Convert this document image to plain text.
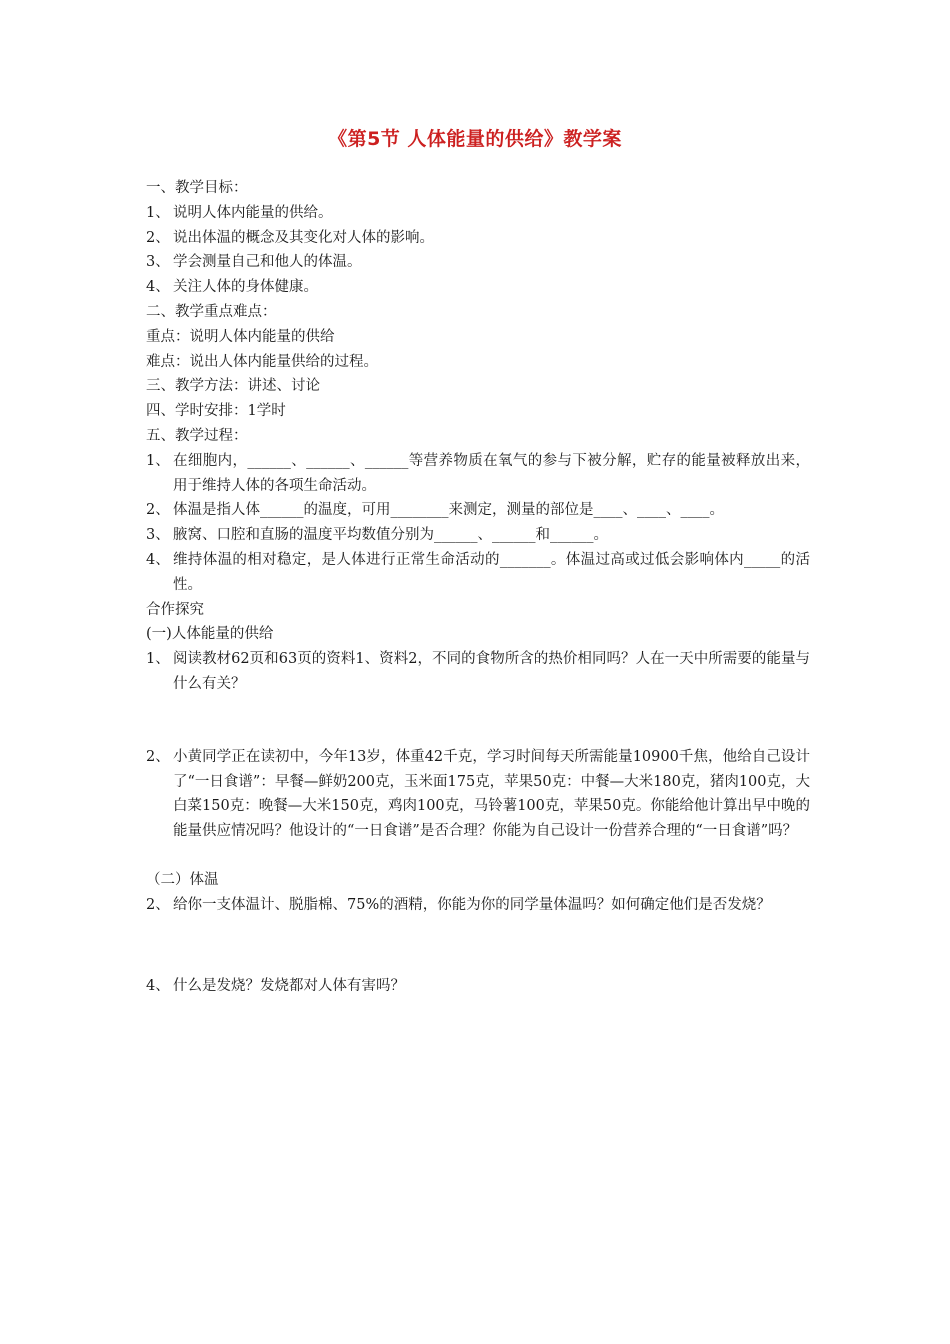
《第5节 人体能量的供给》教学案
一、教学目标：
1、 说明人体内能量的供给。
2、 说出体温的概念及其变化对人体的影响。
3、 学会测量自己和他人的体温。
4、 关注人体的身体健康。
二、教学重点难点：
重点：说明人体内能量的供给
难点：说出人体内能量供给的过程。
三、教学方法：讲述、讨论
四、学时安排：1学时
五、教学过程：
1、 在细胞内，______、______、______等营养物质在氧气的参与下被分解，贮存的能量被释放出来，用于维持人体的各项生命活动。
2、 体温是指人体______的温度，可用________来测定，测量的部位是____、____、____。
3、 腋窝、口腔和直肠的温度平均数值分别为______、______和______。
4、 维持体温的相对稳定，是人体进行正常生命活动的_______。体温过高或过低会影响体内_____的活性。
合作探究
(一)人体能量的供给
1、 阅读教材62页和63页的资料1、资料2，不同的食物所含的热价相同吗？人在一天中所需要的能量与什么有关？
2、 小黄同学正在读初中，今年13岁，体重42千克，学习时间每天所需能量10900千焦，他给自己设计了“一日食谱”：早餐—鲜奶200克，玉米面175克，苹果50克：中餐—大米180克，猪肉100克，大白菜150克：晚餐—大米150克，鸡肉100克，马铃薯100克，苹果50克。你能给他计算出早中晚的能量供应情况吗？他设计的“一日食谱”是否合理？你能为自己设计一份营养合理的“一日食谱”吗？
（二）体温
2、 给你一支体温计、脱脂棉、75%的酒精，你能为你的同学量体温吗？如何确定他们是否发烧？
4、 什么是发烧？发烧都对人体有害吗？
